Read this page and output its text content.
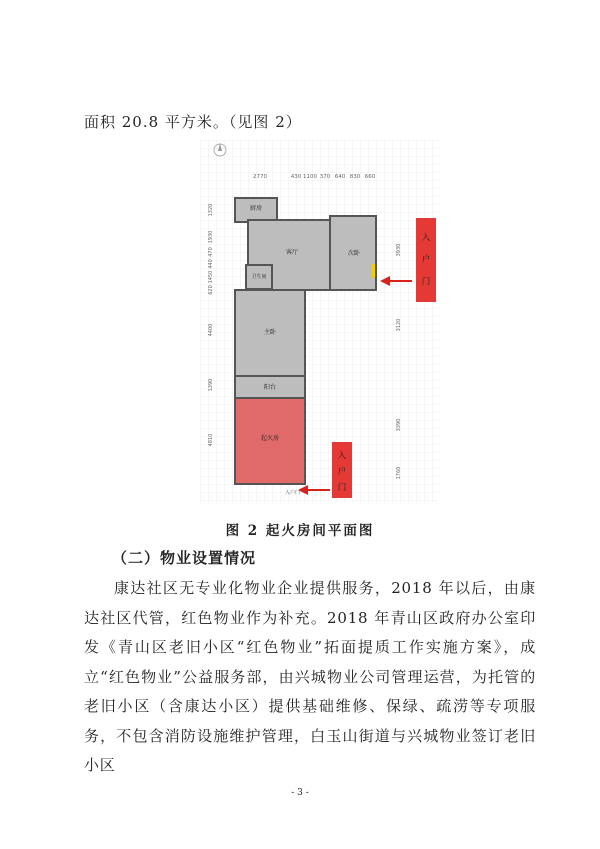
面积 20.8 平方米。（见图 2）
2770	430 1100 370 640 830 660
1320
1930
470
440
1450
620
4400
1390
4810
3930
3120
3390
1760
厨房
客厅	次卧
卫生间
主卧
阳台
起火房
入户门
入
户
门
入
户
门
图 2 起火房间平面图
（二）物业设置情况
康达社区无专业化物业企业提供服务，2018 年以后，由康达社区代管，红色物业作为补充。2018 年青山区政府办公室印发《青山区老旧小区“红色物业”拓面提质工作实施方案》，成立“红色物业”公益服务部，由兴城物业公司管理运营，为托管的老旧小区（含康达小区）提供基础维修、保绿、疏涝等专项服务，不包含消防设施维护管理，白玉山街道与兴城物业签订老旧小区
- 3 -
